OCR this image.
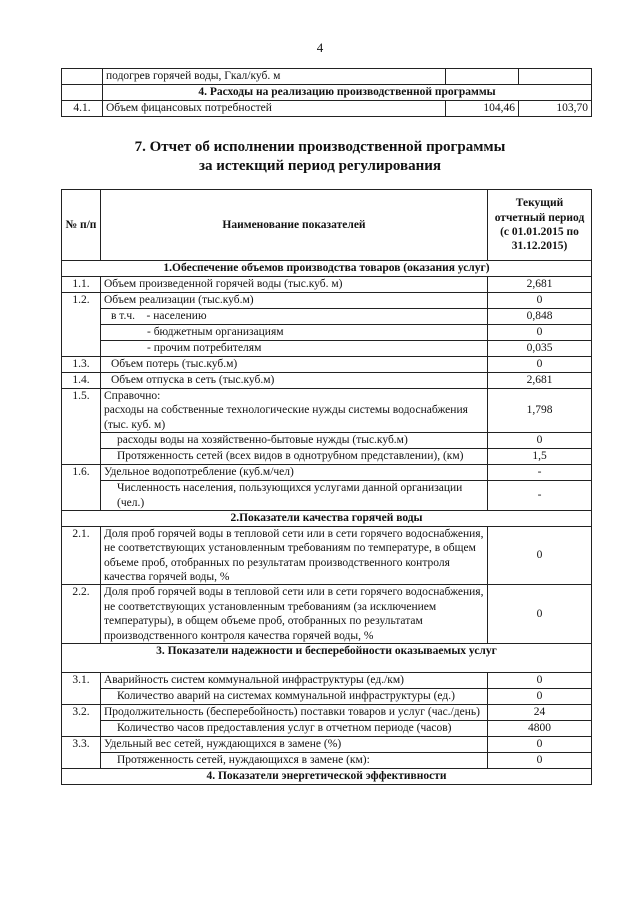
4
	подогрев горячей воды, Гкал/куб. м		
	4. Расходы на реализацию производственной программы		
4.1.	Объем фицансовых потребностей	104,46	103,70
7. Отчет об исполнении производственной программы
за истекщий период регулирования
№ п/п	Наименование показателей	Текущий отчетный период (с 01.01.2015 по 31.12.2015)
1.Обеспечение объемов производства товаров (оказания услуг)		
1.1.	Объем произведенной горячей воды (тыс.куб. м)	2,681
1.2.	Объем реализации (тыс.куб.м)	0
	в т.ч.    - населению	0,848
	- бюджетным организациям	0
	- прочим потребителям	0,035
1.3.	Объем потерь (тыс.куб.м)	0
1.4.	Объем отпуска в сеть (тыс.куб.м)	2,681
1.5.	Справочно:
расходы на собственные технологические нужды системы водоснабжения (тыс. куб. м)	1,798
	расходы воды на хозяйственно-бытовые нужды (тыс.куб.м)	0
	Протяженность сетей (всех видов в однотрубном представлении), (км)	1,5
1.6.	Удельное водопотребление (куб.м/чел)	-
	Численность населения, пользующихся услугами данной организации (чел.)	-
2.Показатели качества горячей воды		
2.1.	Доля проб горячей воды в тепловой сети или в сети горячего водоснабжения, не соответствующих установленным требованиям по температуре, в общем объеме проб, отобранных по результатам производственного контроля качества горячей воды, %	0
2.2.	Доля проб горячей воды в тепловой сети или в сети горячего водоснабжения, не соответствующих установленным требованиям (за исключением температуры), в общем объеме проб, отобранных по результатам производственного контроля качества горячей воды, %	0
3. Показатели надежности и бесперебойности оказываемых услуг		
3.1.	Аварийность систем коммунальной инфраструктуры (ед./км)	0
	Количество аварий на системах коммунальной инфраструктуры (ед.)	0
3.2.	Продолжительность (бесперебойность) поставки товаров и услуг (час./день)	24
	Количество часов предоставления услуг в отчетном периоде (часов)	4800
3.3.	Удельный вес сетей, нуждающихся в замене (%)	0
	Протяженность сетей, нуждающихся в замене (км):	0
4. Показатели энергетической эффективности		
